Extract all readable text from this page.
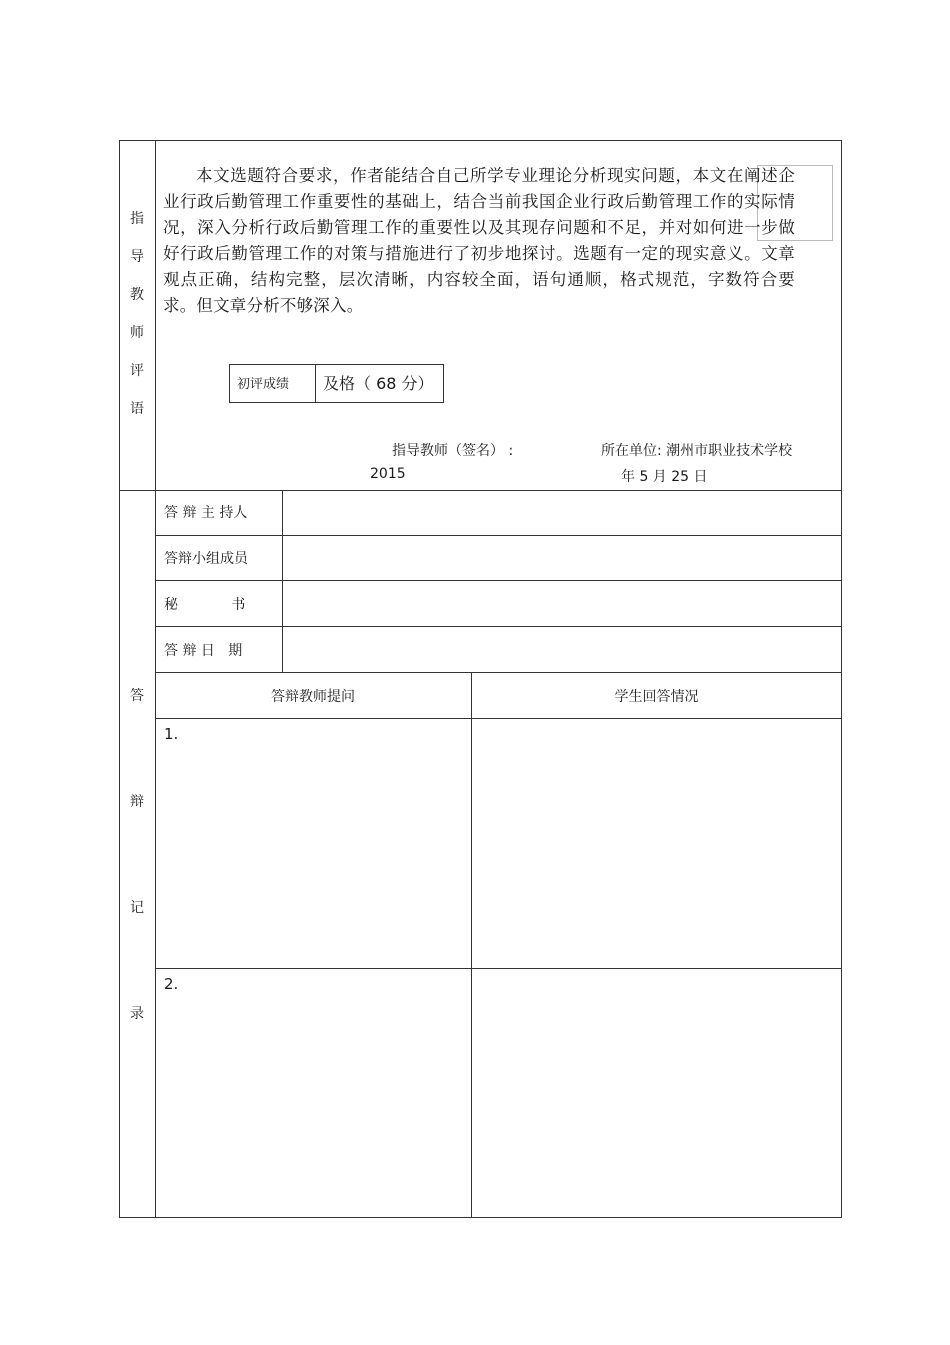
指
导
教
师
评
语
本文选题符合要求，作者能结合自己所学专业理论分析现实问题，本文在阐述企业行政后勤管理工作重要性的基础上，结合当前我国企业行政后勤管理工作的实际情况，深入分析行政后勤管理工作的重要性以及其现存问题和不足，并对如何进一步做好行政后勤管理工作的对策与措施进行了初步地探讨。选题有一定的现实意义。文章观点正确，结构完整，层次清晰，内容较全面，语句通顺，格式规范，字数符合要求。但文章分析不够深入。
初评成绩 及格（ 68 分）
指导教师（签名） :	所在单位: 潮州市职业技术学校
2015	年 5 月 25 日
答 辩 主 持人
答辩小组成员
秘            书
答 辩 日   期
答辩教师提问	学生回答情况
1.
2.
答
辩
记
录
